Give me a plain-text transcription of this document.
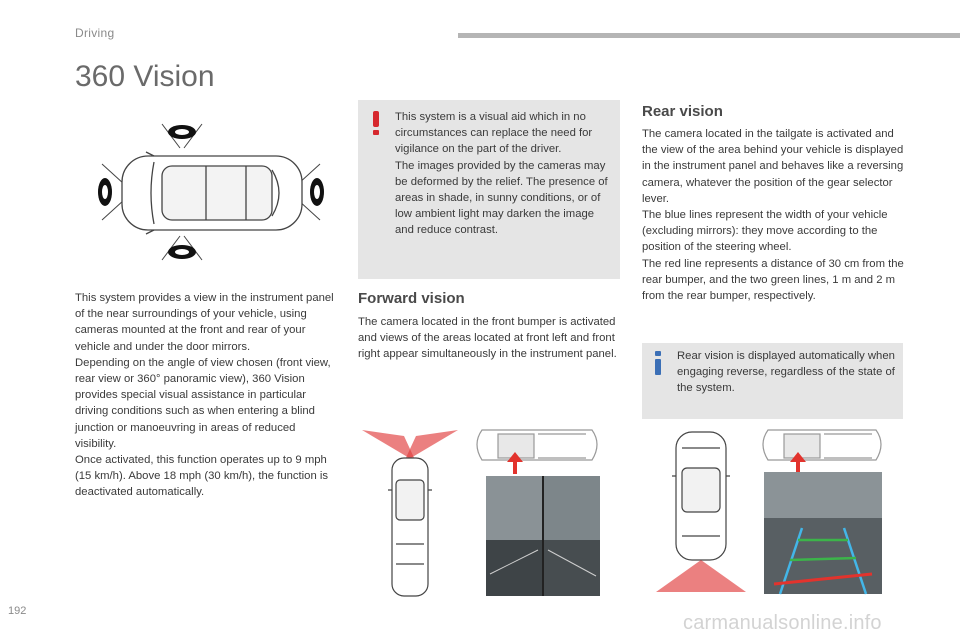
Driving
360 Vision
This system provides a view in the instrument panel of the near surroundings of your vehicle, using cameras mounted at the front and rear of your vehicle and under the door mirrors.
Depending on the angle of view chosen (front view, rear view or 360° panoramic view), 360 Vision provides special visual assistance in particular driving conditions such as when entering a blind junction or manoeuvring in areas of reduced visibility.
Once activated, this function operates up to 9 mph (15 km/h). Above 18 mph (30 km/h), the function is deactivated automatically.
This system is a visual aid which in no circumstances can replace the need for vigilance on the part of the driver.
The images provided by the cameras may be deformed by the relief. The presence of areas in shade, in sunny conditions, or of low ambient light may darken the image and reduce contrast.
Forward vision
The camera located in the front bumper is activated and views of the areas located at front left and front right appear simultaneously in the instrument panel.
Rear vision
The camera located in the tailgate is activated and the view of the area behind your vehicle is displayed in the instrument panel and behaves like a reversing camera, whatever the position of the gear selector lever.
The blue lines represent the width of your vehicle (excluding mirrors): they move according to the position of the steering wheel.
The red line represents a distance of 30 cm from the rear bumper, and the two green lines, 1 m and 2 m from the rear bumper, respectively.
Rear vision is displayed automatically when engaging reverse, regardless of the state of the system.
192
carmanualsonline.info
